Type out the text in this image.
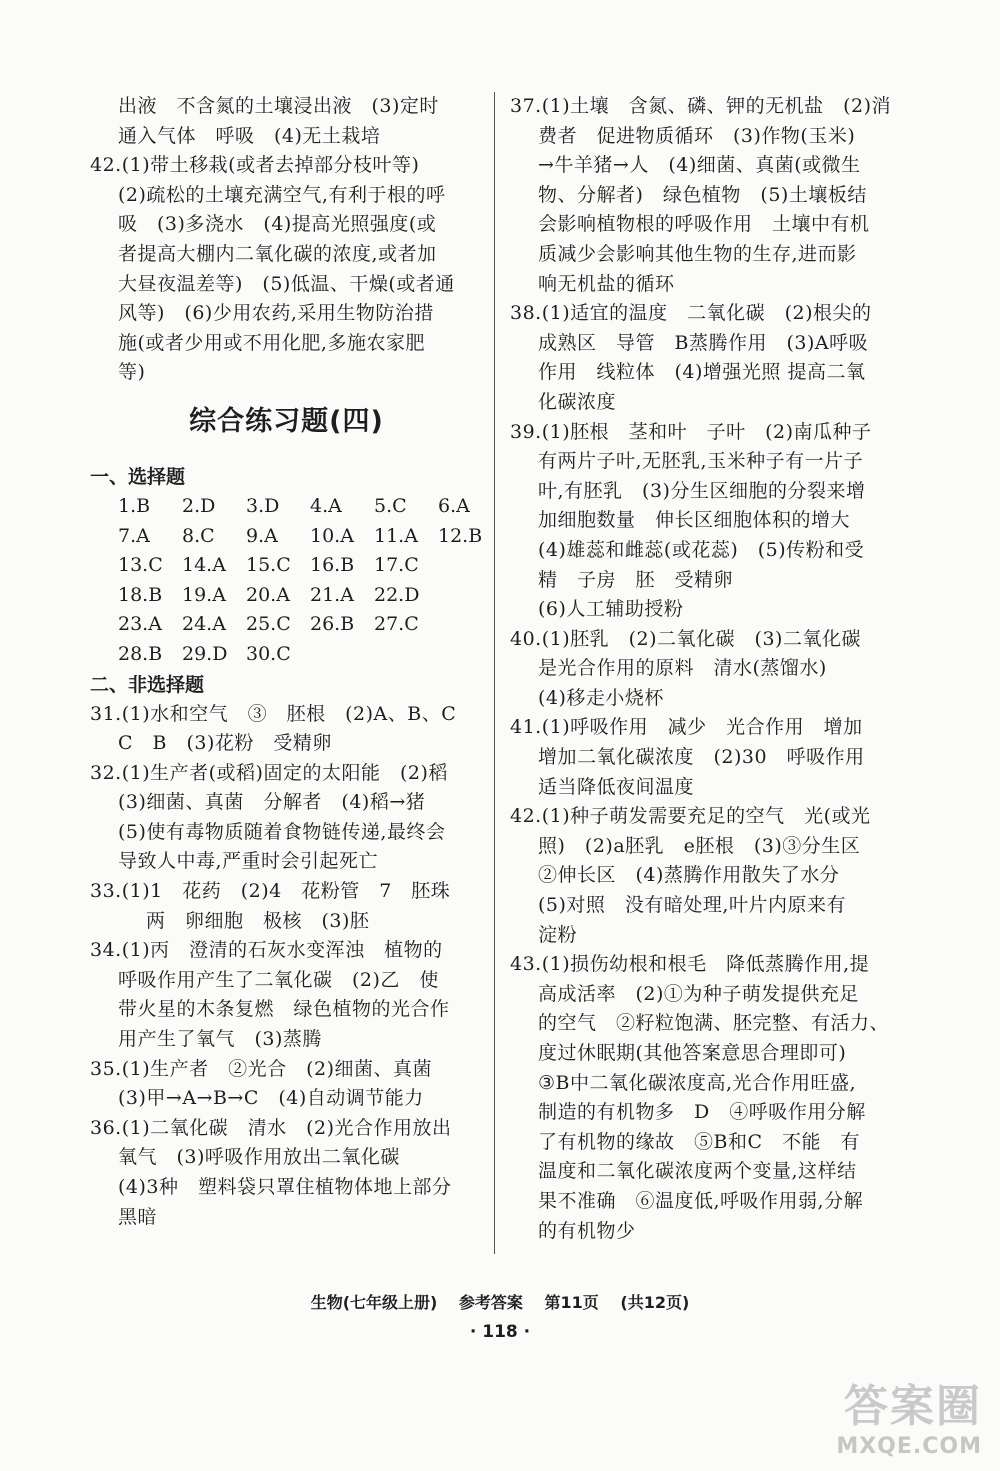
出液　不含氮的土壤浸出液　(3)定时
通入气体　呼吸　(4)无土栽培
42.(1)带土移栽(或者去掉部分枝叶等)
(2)疏松的土壤充满空气,有利于根的呼
吸　(3)多浇水　(4)提高光照强度(或
者提高大棚内二氧化碳的浓度,或者加
大昼夜温差等)　(5)低温、干燥(或者通
风等)　(6)少用农药,采用生物防治措
施(或者少用或不用化肥,多施农家肥
等)
综合练习题(四)
一、选择题
1.B 2.D 3.D 4.A 5.C 6.A
7.A 8.C 9.A 10.A 11.A 12.B
13.C 14.A 15.C 16.B 17.C
18.B 19.A 20.A 21.A 22.D
23.A 24.A 25.C 26.B 27.C
28.B 29.D 30.C
二、非选择题
31.(1)水和空气　③　胚根　(2)A、B、C
C　B　(3)花粉　受精卵
32.(1)生产者(或稻)固定的太阳能　(2)稻
(3)细菌、真菌　分解者　(4)稻→猪
(5)使有毒物质随着食物链传递,最终会
导致人中毒,严重时会引起死亡
33.(1)1　花药　(2)4　花粉管　7　胚珠
两　卵细胞　极核　(3)胚
34.(1)丙　澄清的石灰水变浑浊　植物的
呼吸作用产生了二氧化碳　(2)乙　使
带火星的木条复燃　绿色植物的光合作
用产生了氧气　(3)蒸腾
35.(1)生产者　②光合　(2)细菌、真菌
(3)甲→A→B→C　(4)自动调节能力
36.(1)二氧化碳　清水　(2)光合作用放出
氧气　(3)呼吸作用放出二氧化碳
(4)3种　塑料袋只罩住植物体地上部分
黑暗
37.(1)土壤　含氮、磷、钾的无机盐　(2)消
费者　促进物质循环　(3)作物(玉米)
→牛羊猪→人　(4)细菌、真菌(或微生
物、分解者)　绿色植物　(5)土壤板结
会影响植物根的呼吸作用　土壤中有机
质减少会影响其他生物的生存,进而影
响无机盐的循环
38.(1)适宜的温度　二氧化碳　(2)根尖的
成熟区　导管　B蒸腾作用　(3)A呼吸
作用　线粒体　(4)增强光照 提高二氧
化碳浓度
39.(1)胚根　茎和叶　子叶　(2)南瓜种子
有两片子叶,无胚乳,玉米种子有一片子
叶,有胚乳　(3)分生区细胞的分裂来增
加细胞数量　伸长区细胞体积的增大
(4)雄蕊和雌蕊(或花蕊)　(5)传粉和受
精　子房　胚　受精卵
(6)人工辅助授粉
40.(1)胚乳　(2)二氧化碳　(3)二氧化碳
是光合作用的原料　清水(蒸馏水)
(4)移走小烧杯
41.(1)呼吸作用　减少　光合作用　增加
增加二氧化碳浓度　(2)30　呼吸作用
适当降低夜间温度
42.(1)种子萌发需要充足的空气　光(或光
照)　(2)a胚乳　e胚根　(3)③分生区
②伸长区　(4)蒸腾作用散失了水分
(5)对照　没有暗处理,叶片内原来有
淀粉
43.(1)损伤幼根和根毛　降低蒸腾作用,提
高成活率　(2)①为种子萌发提供充足
的空气　②籽粒饱满、胚完整、有活力、
度过休眠期(其他答案意思合理即可)
③B中二氧化碳浓度高,光合作用旺盛,
制造的有机物多　D　④呼吸作用分解
了有机物的缘故　⑤B和C　不能　有
温度和二氧化碳浓度两个变量,这样结
果不准确　⑥温度低,呼吸作用弱,分解
的有机物少
生物(七年级上册) 参考答案 第11页 (共12页)
· 118 ·
答案圈
MXQE.COM
